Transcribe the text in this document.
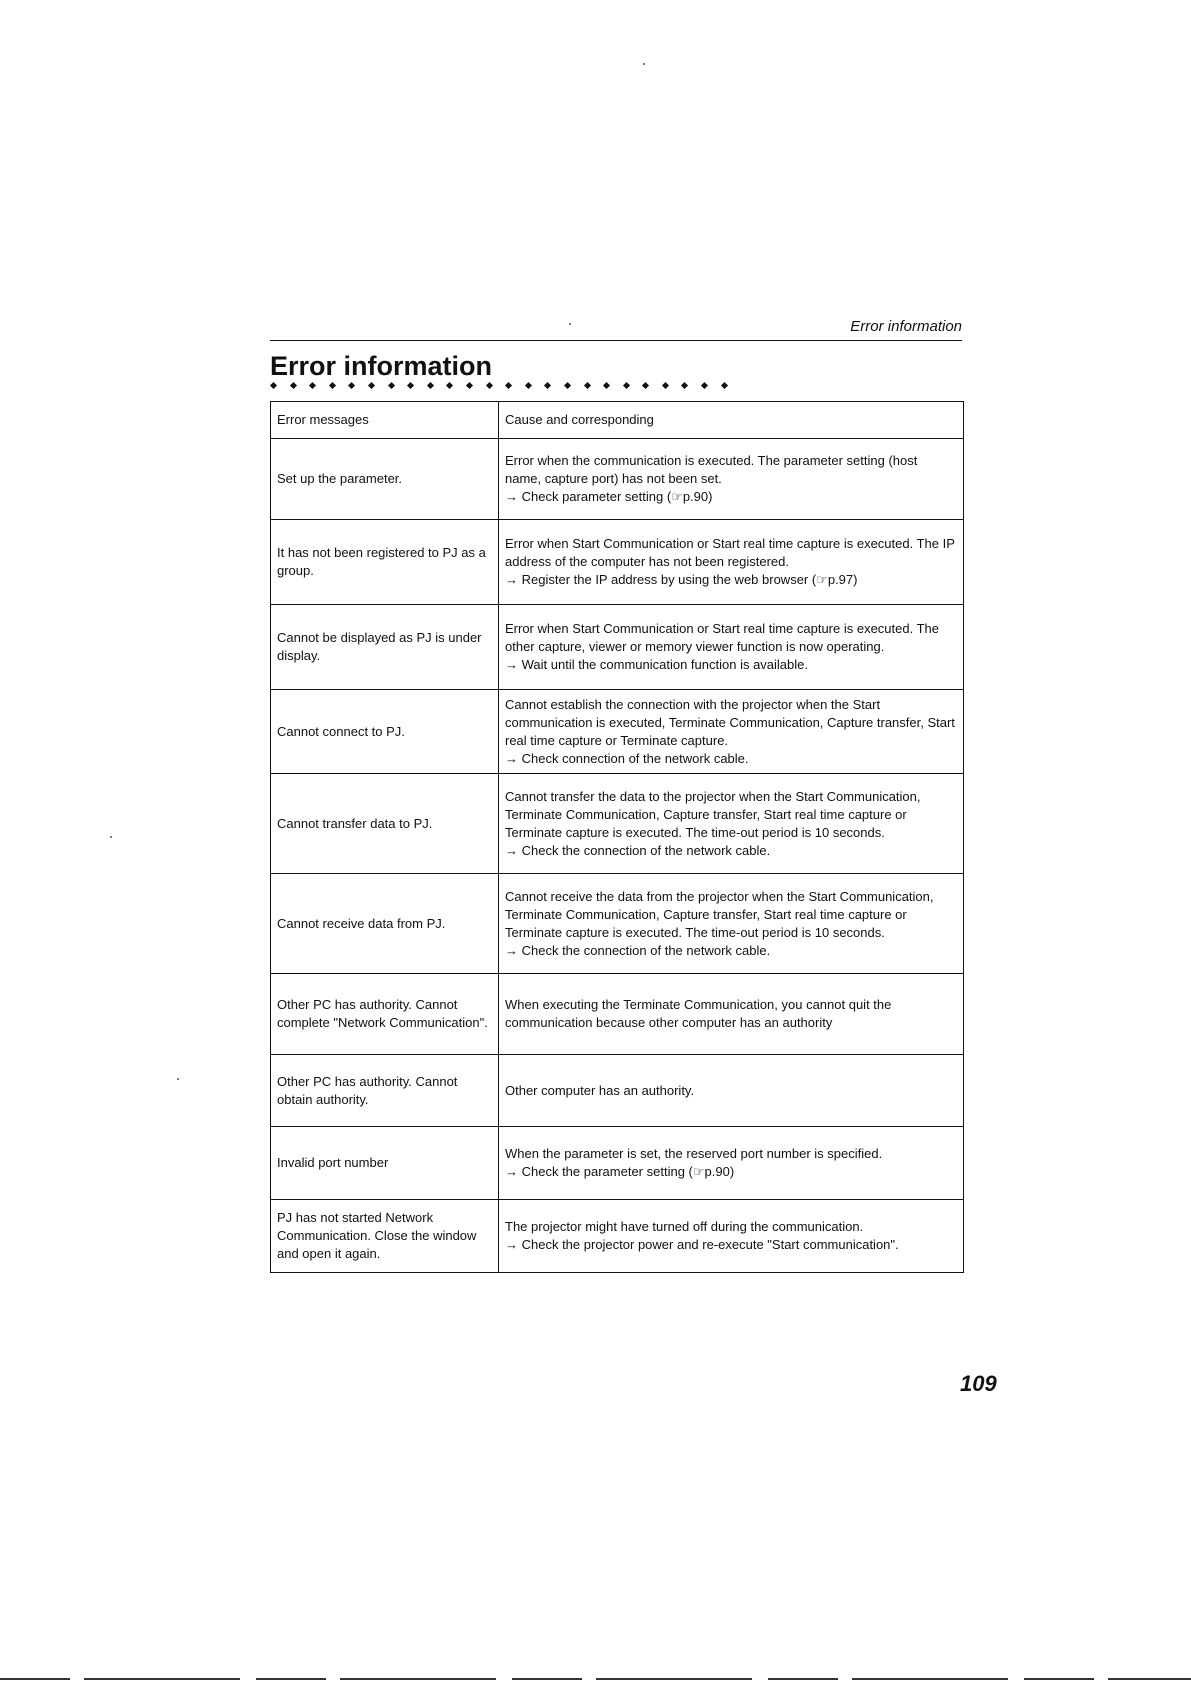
Error information
Error information
Error messages	Cause and corresponding
Set up the parameter.	Error when the communication is executed. The parameter setting (host name, capture port) has not been set.
→ Check parameter setting (☞p.90)

It has not been registered to PJ as a group.	Error when Start Communication or Start real time capture is executed. The IP address of the computer has not been registered.
→ Register the IP address by using the web browser (☞p.97)

Cannot be displayed as PJ is under display.	Error when Start Communication or Start real time capture is executed. The other capture, viewer or memory viewer function is now operating.
→ Wait until the communication function is available.

Cannot connect to PJ.	Cannot establish the connection with the projector when the Start communication is executed, Terminate Communication, Capture transfer, Start real time capture or Terminate capture.
→ Check connection of the network cable.

Cannot transfer data to PJ.	Cannot transfer the data to the projector when the Start Communication, Terminate Communication, Capture transfer, Start real time capture or Terminate capture is executed. The time-out period is 10 seconds.
→ Check the connection of the network cable.

Cannot receive data from PJ.	Cannot receive the data from the projector when the Start Communication, Terminate Communication, Capture transfer, Start real time capture or Terminate capture is executed. The time-out period is 10 seconds.
→ Check the connection of the network cable.

Other PC has authority. Cannot complete "Network Communication".	When executing the Terminate Communication, you cannot quit the communication because other computer has an authority

Other PC has authority. Cannot obtain authority.	Other computer has an authority.

Invalid port number	When the parameter is set, the reserved port number is specified.
→ Check the parameter setting (☞p.90)

PJ has not started Network Communication. Close the window and open it again.	The projector might have turned off during the communication.
→ Check the projector power and re-execute "Start communication".
109
